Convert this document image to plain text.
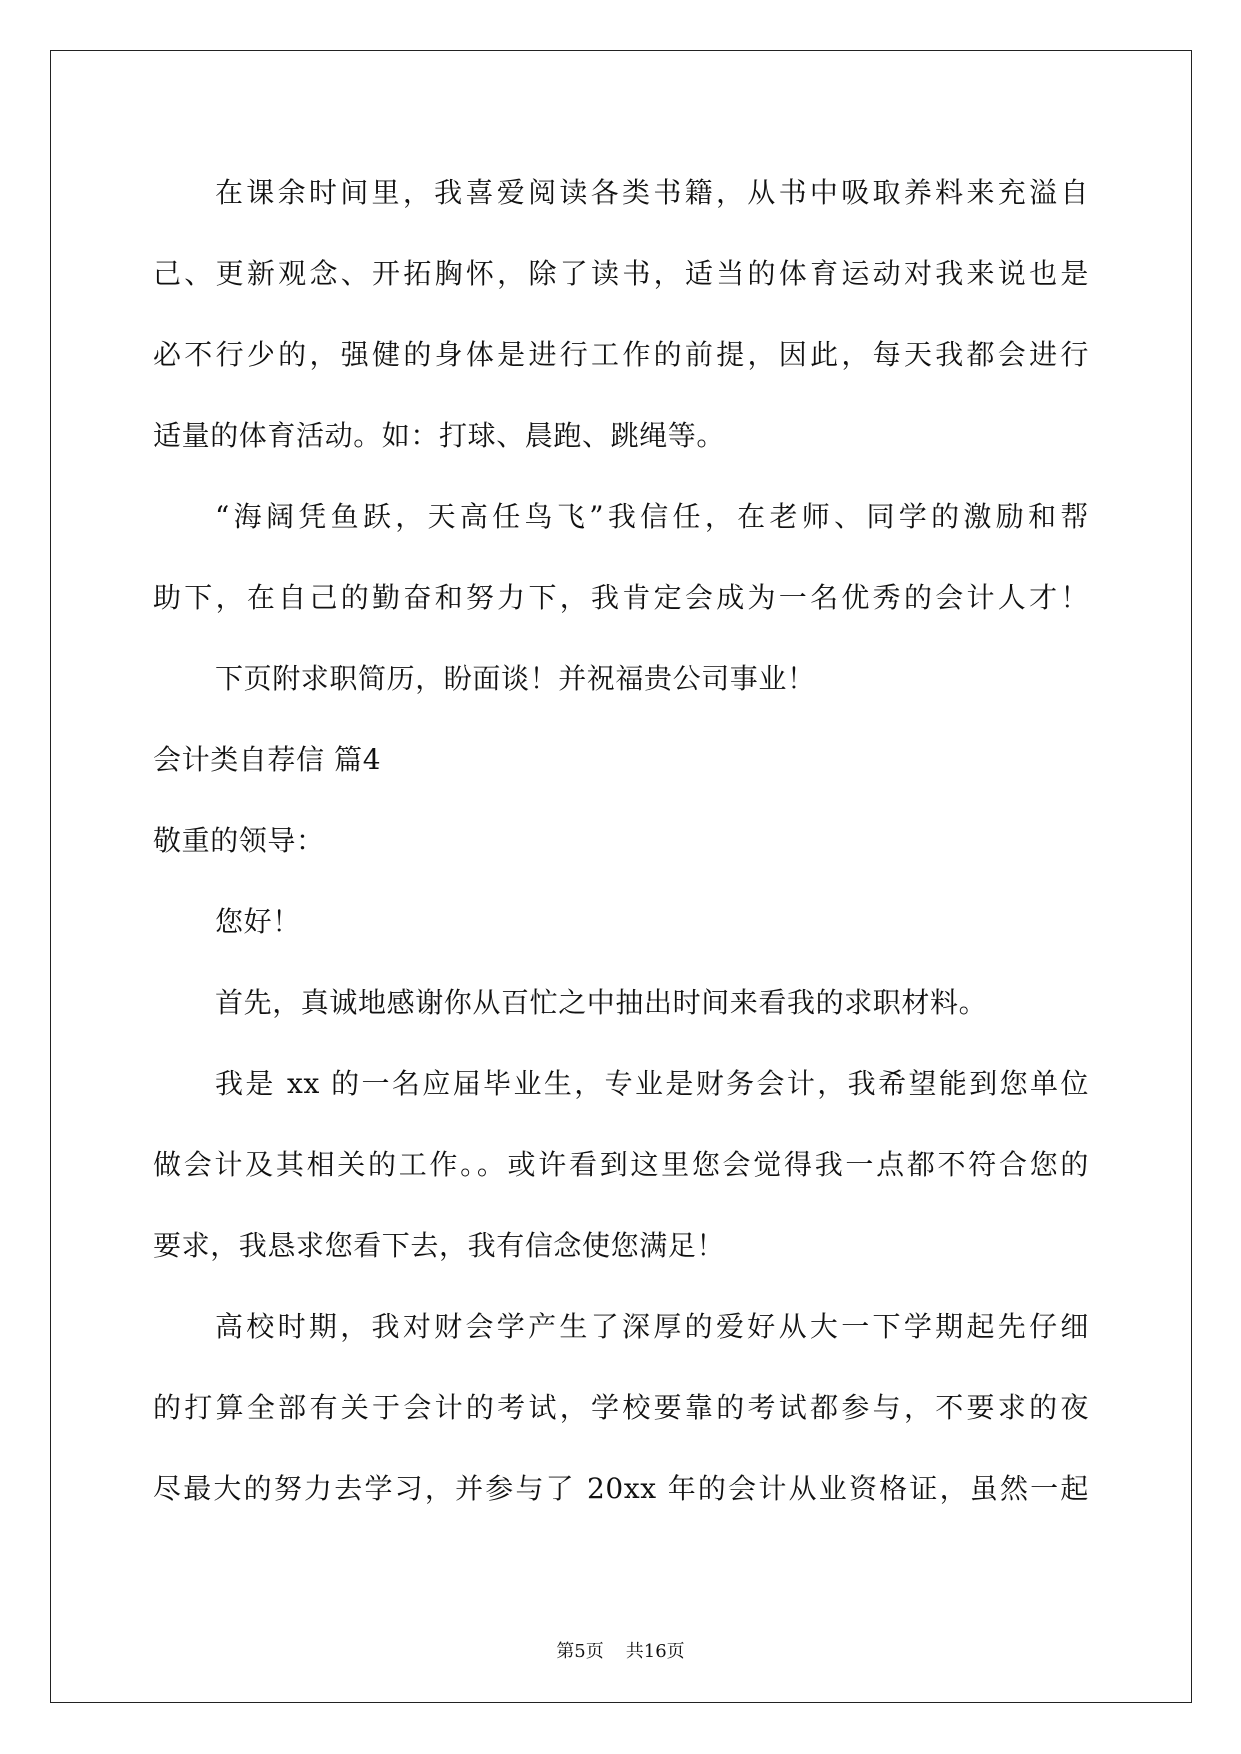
在课余时间里，我喜爱阅读各类书籍，从书中吸取养料来充溢自
己、更新观念、开拓胸怀，除了读书，适当的体育运动对我来说也是
必不行少的，强健的身体是进行工作的前提，因此，每天我都会进行
适量的体育活动。如：打球、晨跑、跳绳等。
“海阔凭鱼跃，天高任鸟飞”我信任，在老师、同学的激励和帮
助下，在自己的勤奋和努力下，我肯定会成为一名优秀的会计人才！
下页附求职简历，盼面谈！并祝福贵公司事业！
会计类自荐信 篇4
敬重的领导：
您好！
首先，真诚地感谢你从百忙之中抽出时间来看我的求职材料。
我是 xx 的一名应届毕业生，专业是财务会计，我希望能到您单位
做会计及其相关的工作。。或许看到这里您会觉得我一点都不符合您的
要求，我恳求您看下去，我有信念使您满足！
高校时期，我对财会学产生了深厚的爱好从大一下学期起先仔细
的打算全部有关于会计的考试，学校要靠的考试都参与，不要求的夜
尽最大的努力去学习，并参与了 20xx 年的会计从业资格证，虽然一起
第5页 共16页
